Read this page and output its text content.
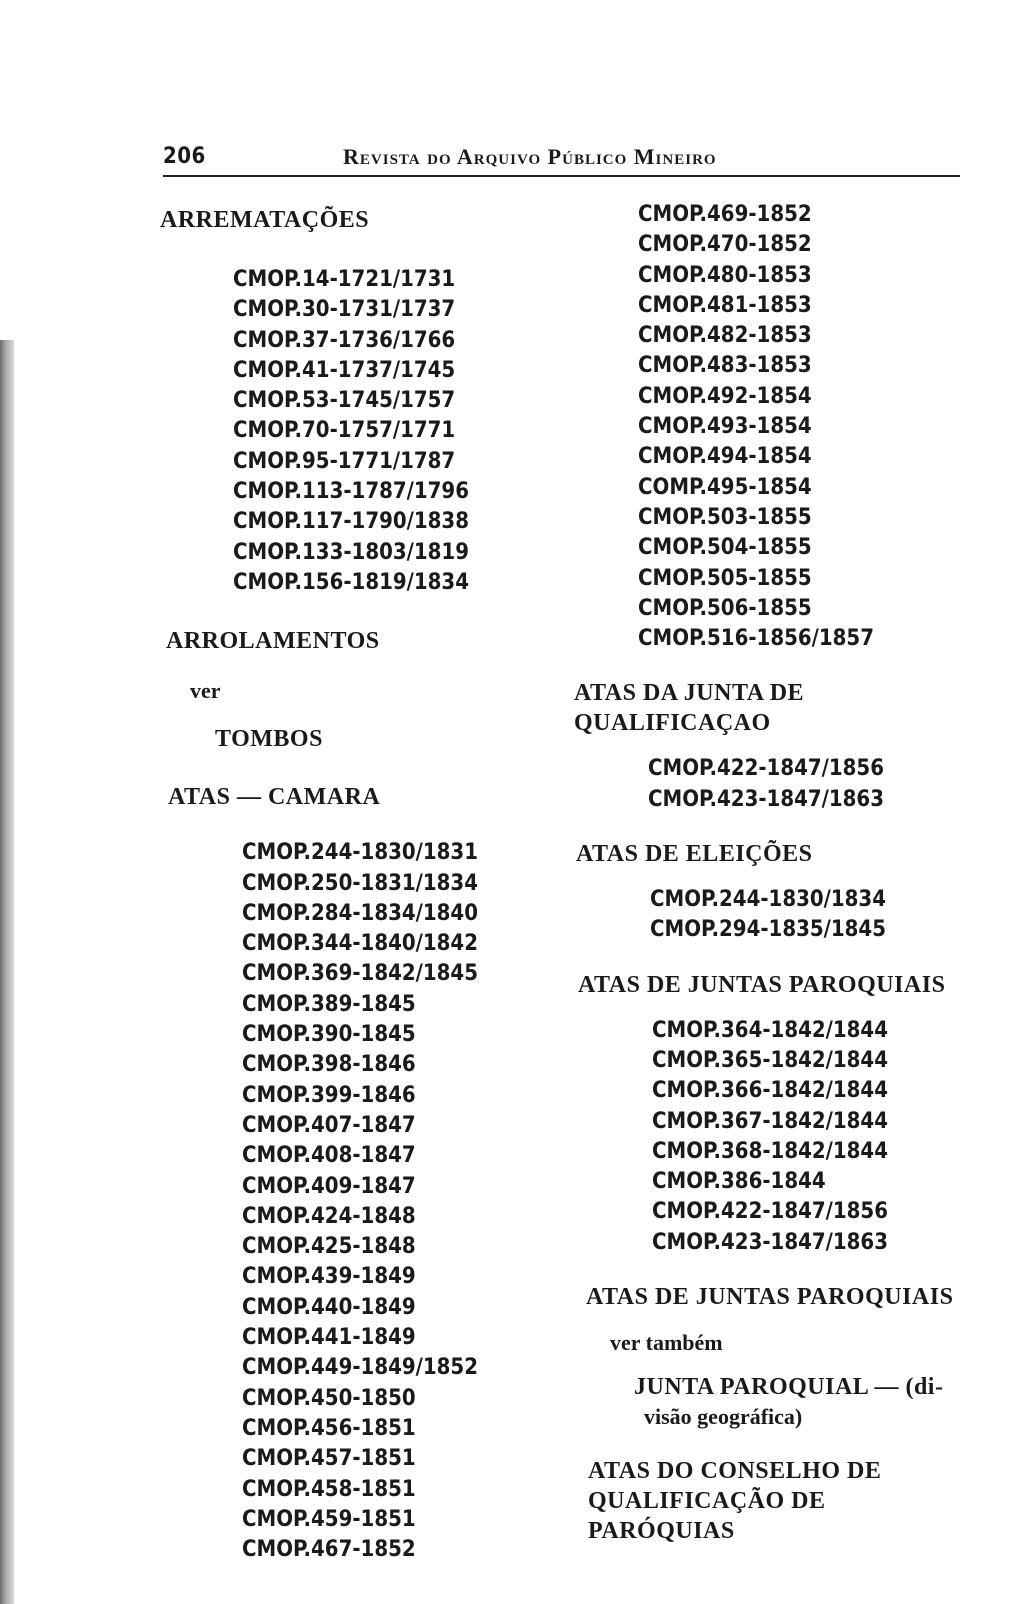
206	Revista do Arquivo Público Mineiro
ARREMATAÇÕES
CMOP.14-1721/1731
CMOP.30-1731/1737
CMOP.37-1736/1766
CMOP.41-1737/1745
CMOP.53-1745/1757
CMOP.70-1757/1771
CMOP.95-1771/1787
CMOP.113-1787/1796
CMOP.117-1790/1838
CMOP.133-1803/1819
CMOP.156-1819/1834
ARROLAMENTOS
ver
TOMBOS
ATAS — CAMARA
CMOP.244-1830/1831
CMOP.250-1831/1834
CMOP.284-1834/1840
CMOP.344-1840/1842
CMOP.369-1842/1845
CMOP.389-1845
CMOP.390-1845
CMOP.398-1846
CMOP.399-1846
CMOP.407-1847
CMOP.408-1847
CMOP.409-1847
CMOP.424-1848
CMOP.425-1848
CMOP.439-1849
CMOP.440-1849
CMOP.441-1849
CMOP.449-1849/1852
CMOP.450-1850
CMOP.456-1851
CMOP.457-1851
CMOP.458-1851
CMOP.459-1851
CMOP.467-1852
CMOP.469-1852
CMOP.470-1852
CMOP.480-1853
CMOP.481-1853
CMOP.482-1853
CMOP.483-1853
CMOP.492-1854
CMOP.493-1854
CMOP.494-1854
COMP.495-1854
CMOP.503-1855
CMOP.504-1855
CMOP.505-1855
CMOP.506-1855
CMOP.516-1856/1857
ATAS DA JUNTA DE
QUALIFICAÇAO
CMOP.422-1847/1856
CMOP.423-1847/1863
ATAS DE ELEIÇÕES
CMOP.244-1830/1834
CMOP.294-1835/1845
ATAS DE JUNTAS PAROQUIAIS
CMOP.364-1842/1844
CMOP.365-1842/1844
CMOP.366-1842/1844
CMOP.367-1842/1844
CMOP.368-1842/1844
CMOP.386-1844
CMOP.422-1847/1856
CMOP.423-1847/1863
ATAS DE JUNTAS PAROQUIAIS
ver também
JUNTA PAROQUIAL — (di-
visão geográfica)
ATAS DO CONSELHO DE
QUALIFICAÇÃO DE
PARÓQUIAS
